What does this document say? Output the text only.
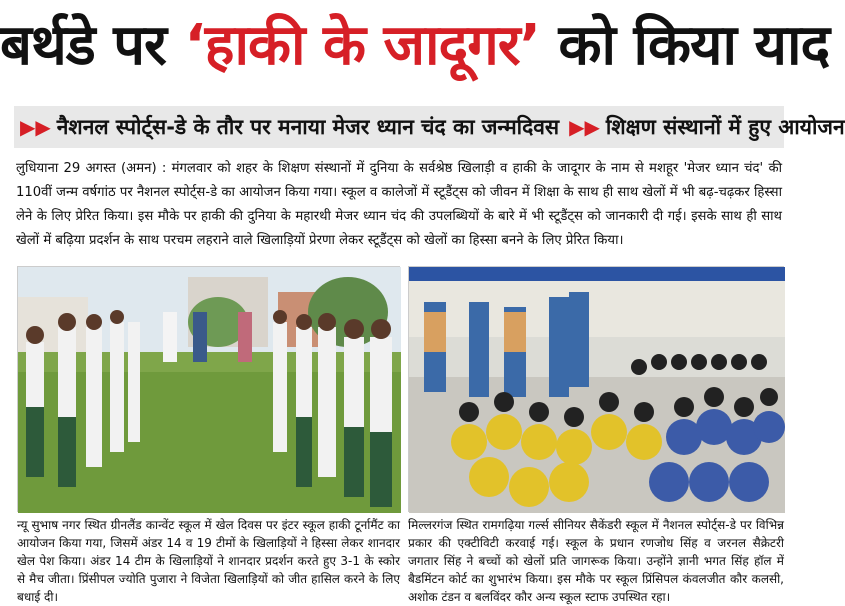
बर्थडे पर ‘हाकी के जादूगर’ को किया याद
▶▶ नैशनल स्पोर्ट्स-डे के तौर पर मनाया मेजर ध्यान चंद का जन्मदिवस ▶▶ शिक्षण संस्थानों में हुए आयोजन
लुधियाना 29 अगस्त (अमन) : मंगलवार को शहर के शिक्षण संस्थानों में दुनिया के सर्वश्रेष्ठ खिलाड़ी व हाकी के जादूगर के नाम से मशहूर 'मेजर ध्यान चंद' की 110वीं जन्म वर्षगांठ पर नैशनल स्पोर्ट्स-डे का आयोजन किया गया। स्कूल व कालेजों में स्टूडैंट्स को जीवन में शिक्षा के साथ ही साथ खेलों में भी बढ़-चढ़कर हिस्सा लेने के लिए प्रेरित किया। इस मौके पर हाकी की दुनिया के महारथी मेजर ध्यान चंद की उपलब्धियों के बारे में भी स्टूडैंट्स को जानकारी दी गई। इसके साथ ही साथ खेलों में बढ़िया प्रदर्शन के साथ परचम लहराने वाले खिलाड़ियों प्रेरणा लेकर स्टूडैंट्स को खेलों का हिस्सा बनने के लिए प्रेरित किया।
न्यू सुभाष नगर स्थित ग्रीनलैंड कान्वेंट स्कूल में खेल दिवस पर इंटर स्कूल हाकी टूर्नामैंट का आयोजन किया गया, जिसमें अंडर 14 व 19 टीमों के खिलाड़ियों ने हिस्सा लेकर शानदार खेल पेश किया। अंडर 14 टीम के खिलाड़ियों ने शानदार प्रदर्शन करते हुए 3-1 के स्कोर से मैच जीता। प्रिंसीपल ज्योति पुजारा ने विजेता खिलाड़ियों को जीत हासिल करने के लिए बधाई दी।
मिल्लरगंज स्थित रामगढ़िया गर्ल्स सीनियर सैकेंडरी स्कूल में नैशनल स्पोर्ट्स-डे पर विभिन्न प्रकार की एक्टीविटी करवाई गई। स्कूल के प्रधान रणजोध सिंह व जरनल सैक्रेटरी जगतार सिंह ने बच्चों को खेलों प्रति जागरूक किया। उन्होंने ज्ञानी भगत सिंह हॉल में बैडमिंटन कोर्ट का शुभारंभ किया। इस मौके पर स्कूल प्रिंसिपल कंवलजीत कौर कलसी, अशोक टंडन व बलविंदर कौर अन्य स्कूल स्टाफ उपस्थित रहा।
